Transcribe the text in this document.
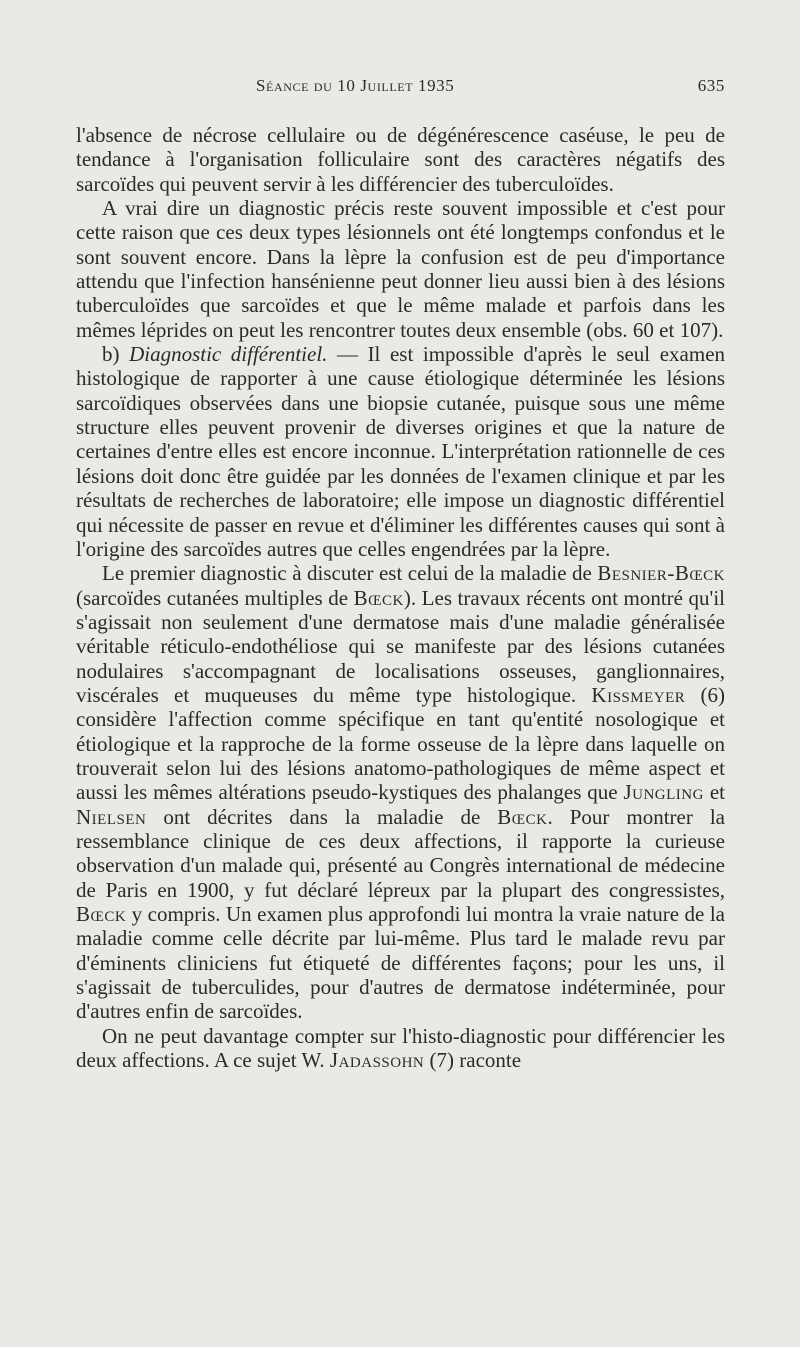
Séance du 10 Juillet 1935	635

l'absence de nécrose cellulaire ou de dégénérescence caséuse, le peu de tendance à l'organisation folliculaire sont des caractères négatifs des sarcoïdes qui peuvent servir à les différencier des tuberculoïdes.

A vrai dire un diagnostic précis reste souvent impossible et c'est pour cette raison que ces deux types lésionnels ont été longtemps confondus et le sont souvent encore. Dans la lèpre la confusion est de peu d'importance attendu que l'infection hansénienne peut donner lieu aussi bien à des lésions tuberculoïdes que sarcoïdes et que le même malade et parfois dans les mêmes léprides on peut les rencontrer toutes deux ensemble (obs. 60 et 107).

b) Diagnostic différentiel. — Il est impossible d'après le seul examen histologique de rapporter à une cause étiologique déterminée les lésions sarcoïdiques observées dans une biopsie cutanée, puisque sous une même structure elles peuvent provenir de diverses origines et que la nature de certaines d'entre elles est encore inconnue. L'interprétation rationnelle de ces lésions doit donc être guidée par les données de l'examen clinique et par les résultats de recherches de laboratoire; elle impose un diagnostic différentiel qui nécessite de passer en revue et d'éliminer les différentes causes qui sont à l'origine des sarcoïdes autres que celles engendrées par la lèpre.

Le premier diagnostic à discuter est celui de la maladie de Besnier-Bœck (sarcoïdes cutanées multiples de Bœck). Les travaux récents ont montré qu'il s'agissait non seulement d'une dermatose mais d'une maladie généralisée véritable réticulo-endothéliose qui se manifeste par des lésions cutanées nodulaires s'accompagnant de localisations osseuses, ganglionnaires, viscérales et muqueuses du même type histologique. Kissmeyer (6) considère l'affection comme spécifique en tant qu'entité nosologique et étiologique et la rapproche de la forme osseuse de la lèpre dans laquelle on trouverait selon lui des lésions anatomo-pathologiques de même aspect et aussi les mêmes altérations pseudo-kystiques des phalanges que Jungling et Nielsen ont décrites dans la maladie de Bœck. Pour montrer la ressemblance clinique de ces deux affections, il rapporte la curieuse observation d'un malade qui, présenté au Congrès international de médecine de Paris en 1900, y fut déclaré lépreux par la plupart des congressistes, Bœck y compris. Un examen plus approfondi lui montra la vraie nature de la maladie comme celle décrite par lui-même. Plus tard le malade revu par d'éminents cliniciens fut étiqueté de différentes façons; pour les uns, il s'agissait de tuberculides, pour d'autres de dermatose indéterminée, pour d'autres enfin de sarcoïdes.

On ne peut davantage compter sur l'histo-diagnostic pour différencier les deux affections. A ce sujet W. Jadassohn (7) raconte
